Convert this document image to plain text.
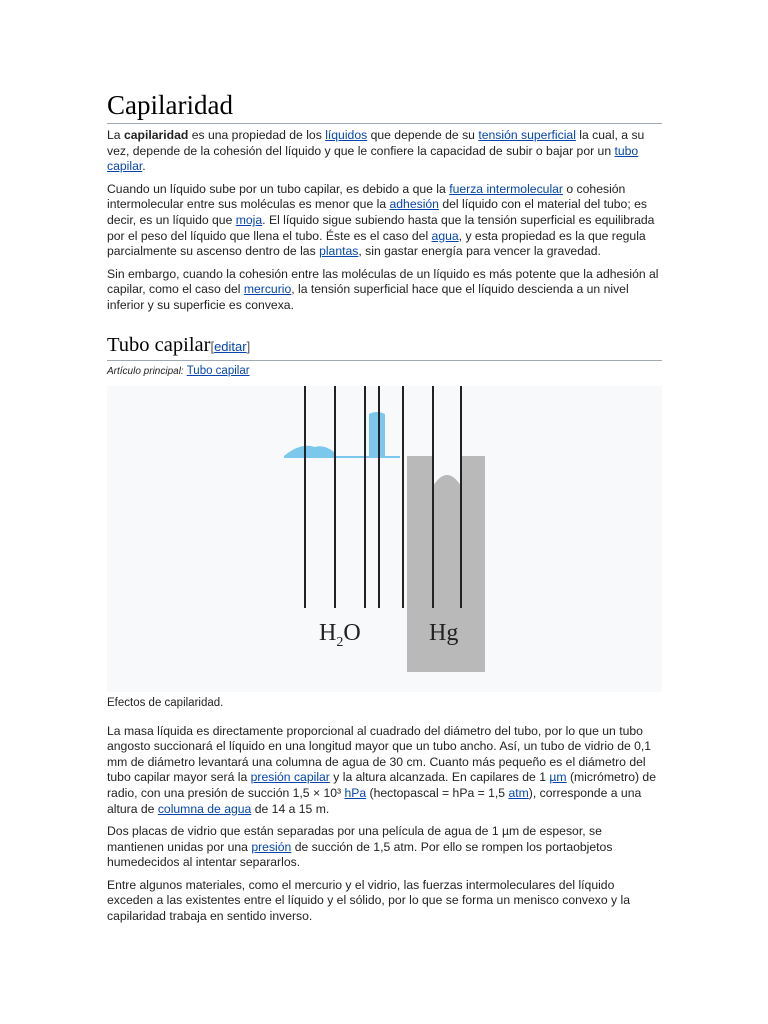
Capilaridad

La capilaridad es una propiedad de los líquidos que depende de su tensión superficial la cual, a su vez, depende de la cohesión del líquido y que le confiere la capacidad de subir o bajar por un tubo capilar.

Cuando un líquido sube por un tubo capilar, es debido a que la fuerza intermolecular o cohesión intermolecular entre sus moléculas es menor que la adhesión del líquido con el material del tubo; es decir, es un líquido que moja. El líquido sigue subiendo hasta que la tensión superficial es equilibrada por el peso del líquido que llena el tubo. Éste es el caso del agua, y esta propiedad es la que regula parcialmente su ascenso dentro de las plantas, sin gastar energía para vencer la gravedad.

Sin embargo, cuando la cohesión entre las moléculas de un líquido es más potente que la adhesión al capilar, como el caso del mercurio, la tensión superficial hace que el líquido descienda a un nivel inferior y su superficie es convexa.

Tubo capilar[editar]
Artículo principal: Tubo capilar
$H_2O$	Hg
Efectos de capilaridad.

La masa líquida es directamente proporcional al cuadrado del diámetro del tubo, por lo que un tubo angosto succionará el líquido en una longitud mayor que un tubo ancho. Así, un tubo de vidrio de 0,1 mm de diámetro levantará una columna de agua de 30 cm. Cuanto más pequeño es el diámetro del tubo capilar mayor será la presión capilar y la altura alcanzada. En capilares de 1 µm (micrómetro) de radio, con una presión de succión 1,5 × 10³ hPa (hectopascal = hPa = 1,5 atm), corresponde a una altura de columna de agua de 14 a 15 m.

Dos placas de vidrio que están separadas por una película de agua de 1 µm de espesor, se mantienen unidas por una presión de succión de 1,5 atm. Por ello se rompen los portaobjetos humedecidos al intentar separarlos.

Entre algunos materiales, como el mercurio y el vidrio, las fuerzas intermoleculares del líquido exceden a las existentes entre el líquido y el sólido, por lo que se forma un menisco convexo y la capilaridad trabaja en sentido inverso.
